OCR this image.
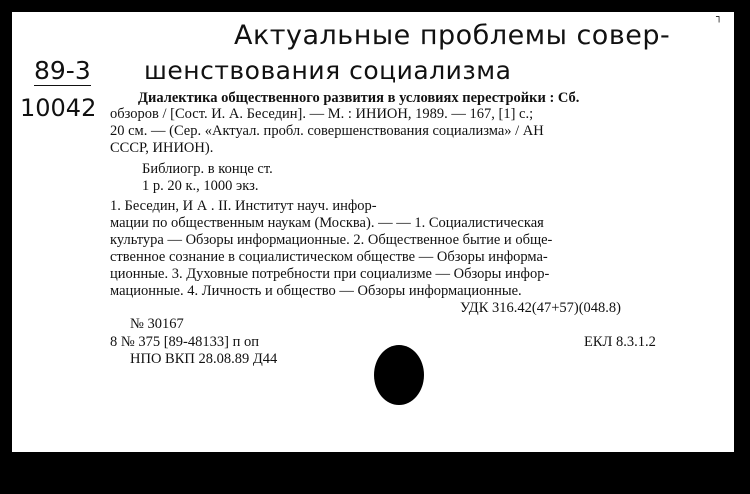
Актуальные проблемы совер-
шенствования социализма
89-3
10042	Диалектика общественного развития в условиях перестройки : Сб.
обзоров / [Сост. И. А. Беседин]. — М. : ИНИОН, 1989. — 167, [1] с.;
20 см. — (Сер. «Актуал. пробл. совершенствования социализма» / АН
СССР, ИНИОН).
Библиогр. в конце ст.
1 р. 20 к., 1000 экз.
1. Беседин, И А . II. Институт науч. инфор-
мации по общественным наукам (Москва). — — 1. Социалистическая
культура — Обзоры информационные. 2. Общественное бытие и обще-
ственное сознание в социалистическом обществе — Обзоры информа-
ционные. 3. Духовные потребности при социализме — Обзоры инфор-
мационные. 4. Личность и общество — Обзоры информационные.
УДК 316.42(47+57)(048.8)
№ 30167
8 № 375 [89-48133] п оп
НПО ВКП 28.08.89 Д44
ЕКЛ 8.3.1.2
┐
